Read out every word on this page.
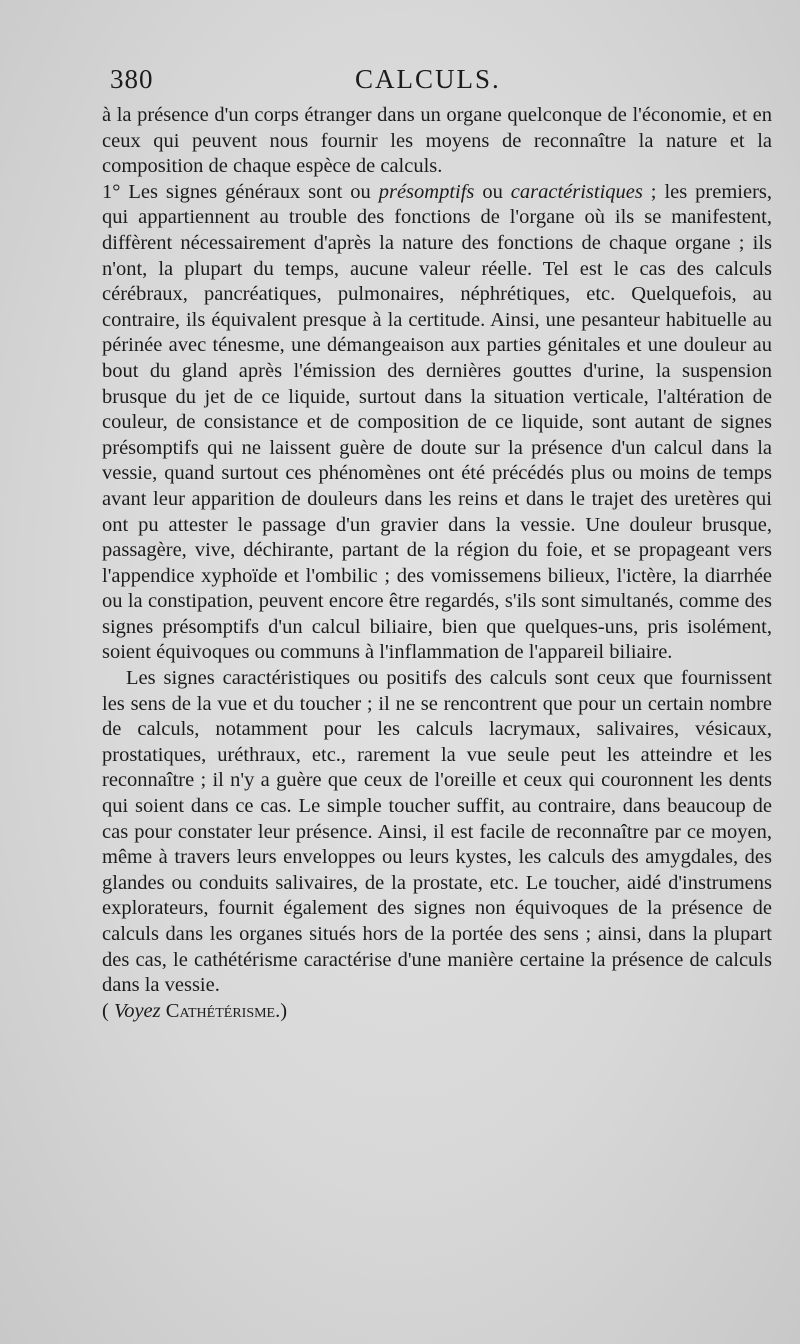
380	CALCULS.

à la présence d'un corps étranger dans un organe quelconque de l'économie, et en ceux qui peuvent nous fournir les moyens de reconnaître la nature et la composition de chaque espèce de calculs.

1° Les signes généraux sont ou présomptifs ou caractéristiques ; les premiers, qui appartiennent au trouble des fonctions de l'organe où ils se manifestent, diffèrent nécessairement d'après la nature des fonctions de chaque organe ; ils n'ont, la plupart du temps, aucune valeur réelle. Tel est le cas des calculs cérébraux, pancréatiques, pulmonaires, néphrétiques, etc. Quelquefois, au contraire, ils équivalent presque à la certitude. Ainsi, une pesanteur habituelle au périnée avec ténesme, une démangeaison aux parties génitales et une douleur au bout du gland après l'émission des dernières gouttes d'urine, la suspension brusque du jet de ce liquide, surtout dans la situation verticale, l'altération de couleur, de consistance et de composition de ce liquide, sont autant de signes présomptifs qui ne laissent guère de doute sur la présence d'un calcul dans la vessie, quand surtout ces phénomènes ont été précédés plus ou moins de temps avant leur apparition de douleurs dans les reins et dans le trajet des uretères qui ont pu attester le passage d'un gravier dans la vessie. Une douleur brusque, passagère, vive, déchirante, partant de la région du foie, et se propageant vers l'appendice xyphoïde et l'ombilic ; des vomissemens bilieux, l'ictère, la diarrhée ou la constipation, peuvent encore être regardés, s'ils sont simultanés, comme des signes présomptifs d'un calcul biliaire, bien que quelques-uns, pris isolément, soient équivoques ou communs à l'inflammation de l'appareil biliaire.

Les signes caractéristiques ou positifs des calculs sont ceux que fournissent les sens de la vue et du toucher ; il ne se rencontrent que pour un certain nombre de calculs, notamment pour les calculs lacrymaux, salivaires, vésicaux, prostatiques, uréthraux, etc., rarement la vue seule peut les atteindre et les reconnaître ; il n'y a guère que ceux de l'oreille et ceux qui couronnent les dents qui soient dans ce cas. Le simple toucher suffit, au contraire, dans beaucoup de cas pour constater leur présence. Ainsi, il est facile de reconnaître par ce moyen, même à travers leurs enveloppes ou leurs kystes, les calculs des amygdales, des glandes ou conduits salivaires, de la prostate, etc. Le toucher, aidé d'instrumens explorateurs, fournit également des signes non équivoques de la présence de calculs dans les organes situés hors de la portée des sens ; ainsi, dans la plupart des cas, le cathétérisme caractérise d'une manière certaine la présence de calculs dans la vessie.

( Voyez Cathétérisme.)
